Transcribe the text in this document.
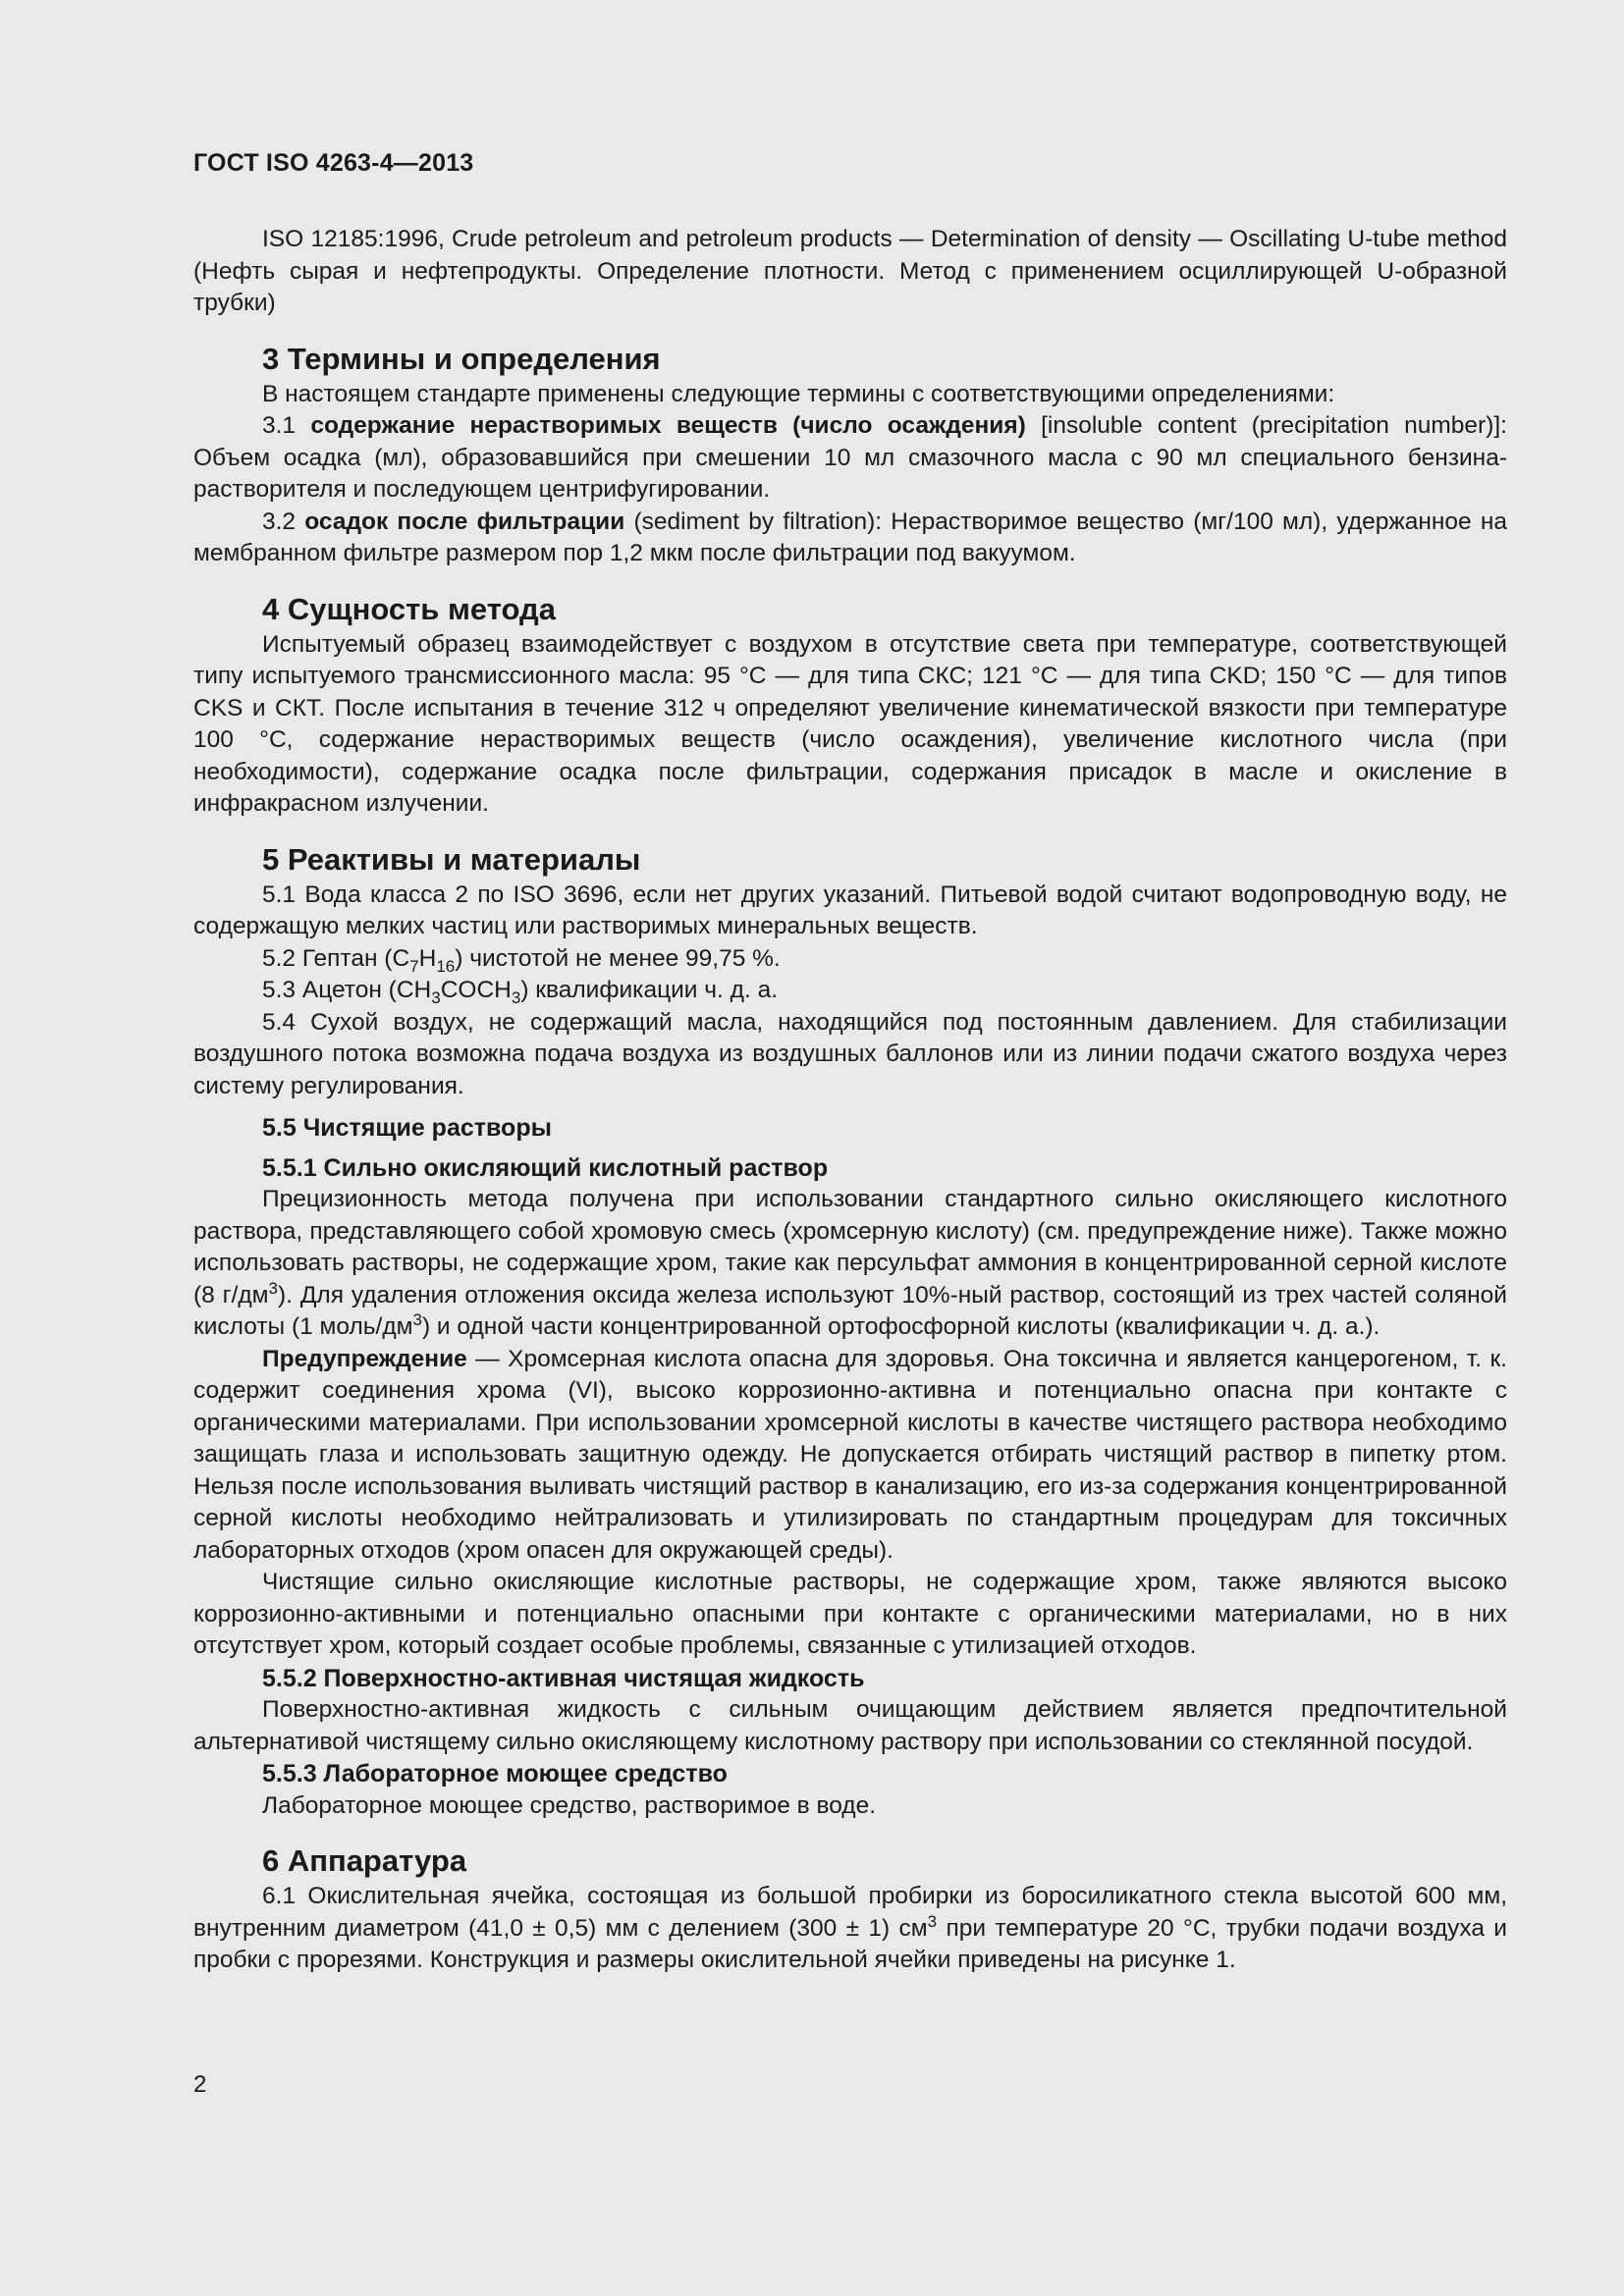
ГОСТ ISO 4263-4—2013

ISO 12185:1996, Crude petroleum and petroleum products — Determination of density — Oscillating U-tube method (Нефть сырая и нефтепродукты. Определение плотности. Метод с применением осциллирующей U-образной трубки)

3 Термины и определения

В настоящем стандарте применены следующие термины с соответствующими определениями:

3.1 содержание нерастворимых веществ (число осаждения) [insoluble content (precipitation number)]: Объем осадка (мл), образовавшийся при смешении 10 мл смазочного масла с 90 мл специального бензина-растворителя и последующем центрифугировании.

3.2 осадок после фильтрации (sediment by filtration): Нерастворимое вещество (мг/100 мл), удержанное на мембранном фильтре размером пор 1,2 мкм после фильтрации под вакуумом.

4 Сущность метода

Испытуемый образец взаимодействует с воздухом в отсутствие света при температуре, соответствующей типу испытуемого трансмиссионного масла: 95 °С — для типа СКС; 121 °С — для типа CKD; 150 °С — для типов CKS и СКТ. После испытания в течение 312 ч определяют увеличение кинематической вязкости при температуре 100 °С, содержание нерастворимых веществ (число осаждения), увеличение кислотного числа (при необходимости), содержание осадка после фильтрации, содержания присадок в масле и окисление в инфракрасном излучении.

5 Реактивы и материалы

5.1 Вода класса 2 по ISO 3696, если нет других указаний. Питьевой водой считают водопроводную воду, не содержащую мелких частиц или растворимых минеральных веществ.

5.2 Гептан $(C_7H_{16})$ чистотой не менее 99,75 %.

5.3 Ацетон $(CH_3COCH_3)$ квалификации ч. д. а.

5.4 Сухой воздух, не содержащий масла, находящийся под постоянным давлением. Для стабилизации воздушного потока возможна подача воздуха из воздушных баллонов или из линии подачи сжатого воздуха через систему регулирования.

5.5 Чистящие растворы
5.5.1 Сильно окисляющий кислотный раствор

Прецизионность метода получена при использовании стандартного сильно окисляющего кислотного раствора, представляющего собой хромовую смесь (хромсерную кислоту) (см. предупреждение ниже). Также можно использовать растворы, не содержащие хром, такие как персульфат аммония в концентрированной серной кислоте (8 $г/дм^3$). Для удаления отложения оксида железа используют 10%-ный раствор, состоящий из трех частей соляной кислоты (1 моль/$дм^3$) и одной части концентрированной ортофосфорной кислоты (квалификации ч. д. а.).

Предупреждение — Хромсерная кислота опасна для здоровья. Она токсична и является канцерогеном, т. к. содержит соединения хрома (VI), высоко коррозионно-активна и потенциально опасна при контакте с органическими материалами. При использовании хромсерной кислоты в качестве чистящего раствора необходимо защищать глаза и использовать защитную одежду. Не допускается отбирать чистящий раствор в пипетку ртом. Нельзя после использования выливать чистящий раствор в канализацию, его из-за содержания концентрированной серной кислоты необходимо нейтрализовать и утилизировать по стандартным процедурам для токсичных лабораторных отходов (хром опасен для окружающей среды).

Чистящие сильно окисляющие кислотные растворы, не содержащие хром, также являются высоко коррозионно-активными и потенциально опасными при контакте с органическими материалами, но в них отсутствует хром, который создает особые проблемы, связанные с утилизацией отходов.

5.5.2 Поверхностно-активная чистящая жидкость

Поверхностно-активная жидкость с сильным очищающим действием является предпочтительной альтернативой чистящему сильно окисляющему кислотному раствору при использовании со стеклянной посудой.

5.5.3 Лабораторное моющее средство

Лабораторное моющее средство, растворимое в воде.

6 Аппаратура

6.1 Окислительная ячейка, состоящая из большой пробирки из боросиликатного стекла высотой 600 мм, внутренним диаметром (41,0 ± 0,5) мм с делением (300 ± 1) $см^3$ при температуре 20 °С, трубки подачи воздуха и пробки с прорезями. Конструкция и размеры окислительной ячейки приведены на рисунке 1.

2
